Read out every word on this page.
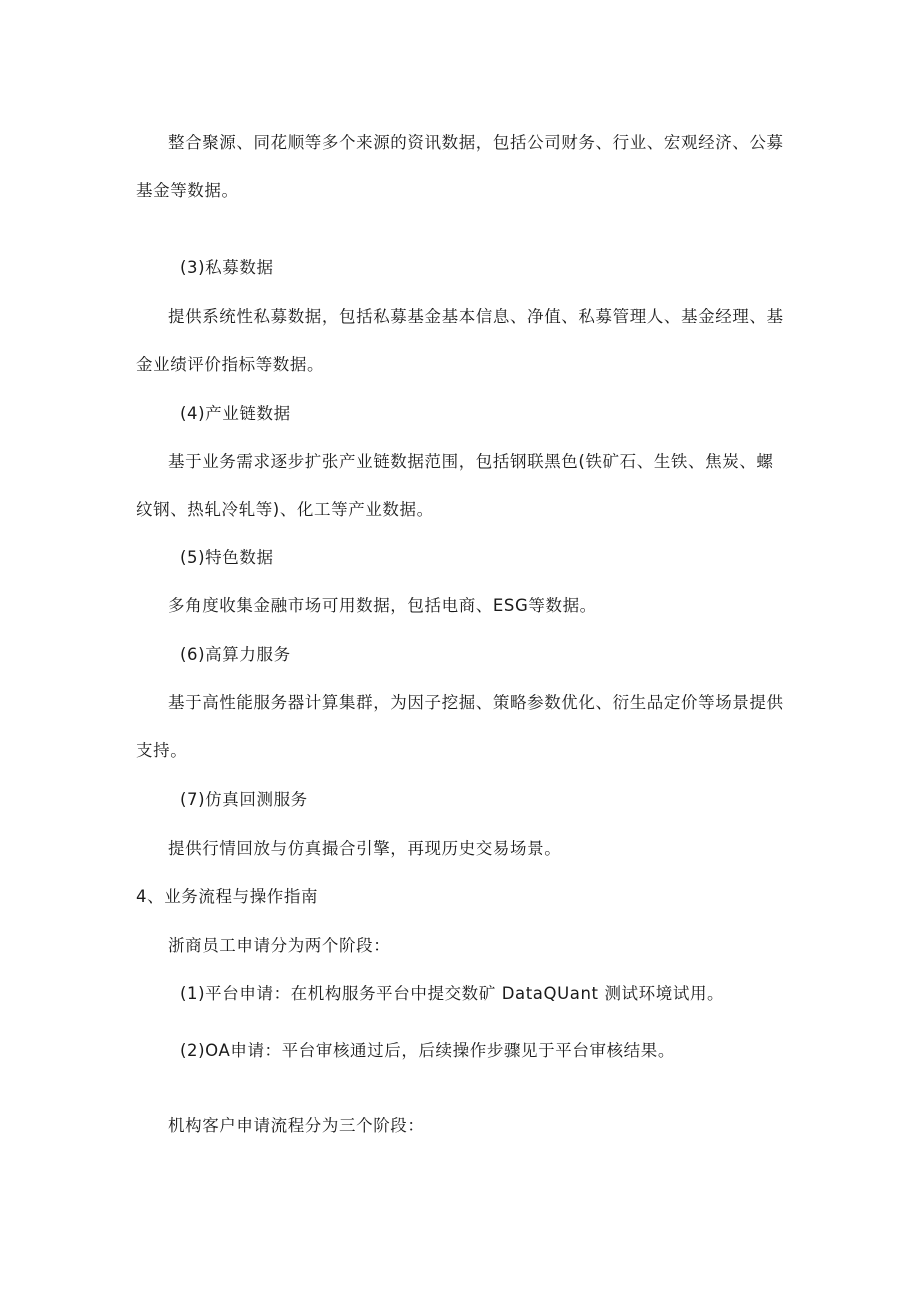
整合聚源、同花顺等多个来源的资讯数据，包括公司财务、行业、宏观经济、公募

基金等数据。

(3)私募数据

提供系统性私募数据，包括私募基金基本信息、净值、私募管理人、基金经理、基

金业绩评价指标等数据。

(4)产业链数据

基于业务需求逐步扩张产业链数据范围，包括钢联黑色(铁矿石、生铁、焦炭、螺

纹钢、热轧冷轧等)、化工等产业数据。

(5)特色数据

多角度收集金融市场可用数据，包括电商、ESG等数据。

(6)高算力服务

基于高性能服务器计算集群，为因子挖掘、策略参数优化、衍生品定价等场景提供

支持。

(7)仿真回测服务

提供行情回放与仿真撮合引擎，再现历史交易场景。

4、业务流程与操作指南

浙商员工申请分为两个阶段：

(1)平台申请：在机构服务平台中提交数矿 DataQUant 测试环境试用。

(2)OA申请：平台审核通过后，后续操作步骤见于平台审核结果。

机构客户申请流程分为三个阶段：
